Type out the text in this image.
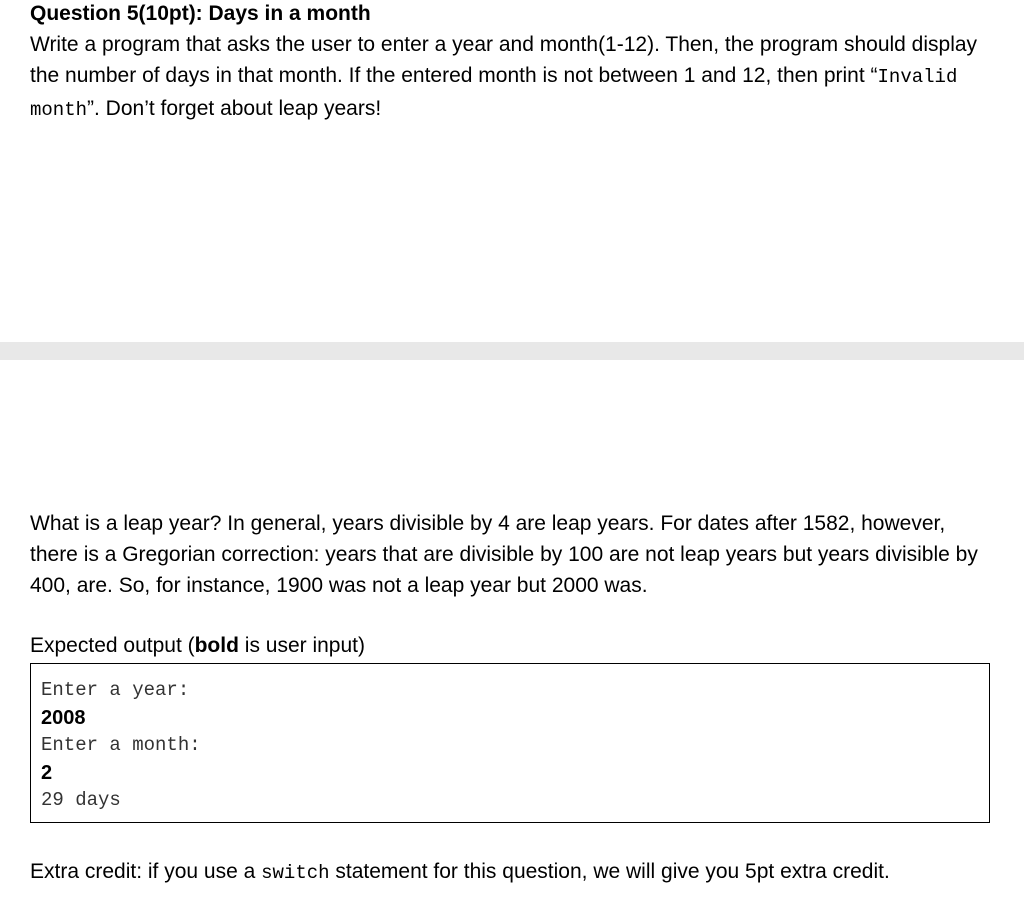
Question 5(10pt): Days in a month
Write a program that asks the user to enter a year and month(1-12). Then, the program should display the number of days in that month. If the entered month is not between 1 and 12, then print “Invalid month”. Don’t forget about leap years!
What is a leap year? In general, years divisible by 4 are leap years. For dates after 1582, however, there is a Gregorian correction: years that are divisible by 100 are not leap years but years divisible by 400, are. So, for instance, 1900 was not a leap year but 2000 was.
Expected output (bold is user input)
Enter a year:
2008
Enter a month:
2
29 days
Extra credit: if you use a switch statement for this question, we will give you 5pt extra credit.
